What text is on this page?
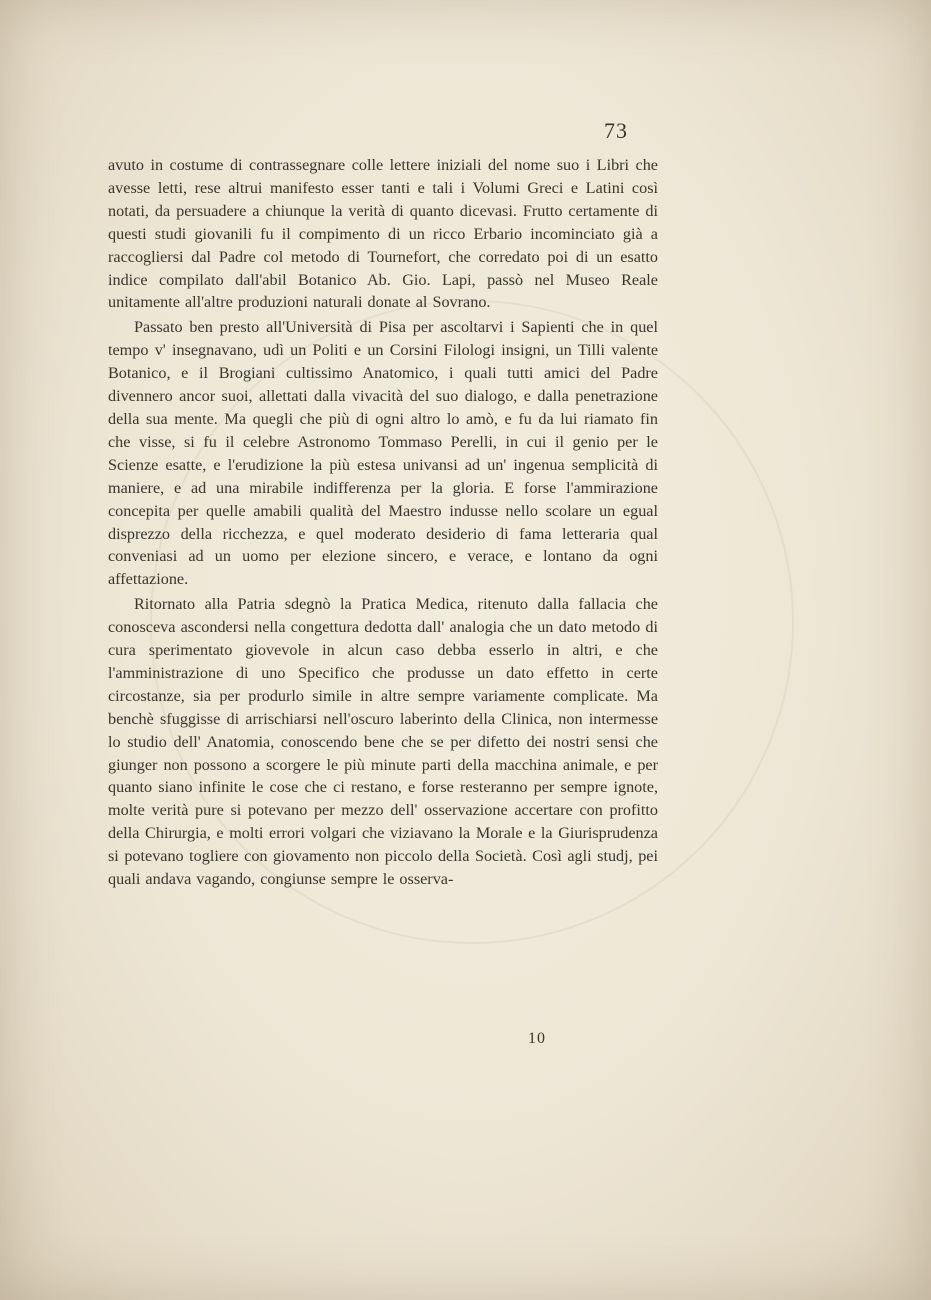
73

avuto in costume di contrassegnare colle lettere iniziali del nome suo i Libri che avesse letti, rese altrui manifesto esser tanti e tali i Volumi Greci e Latini così notati, da persuadere a chiunque la verità di quanto dicevasi. Frutto certamente di questi studi giovanili fu il compimento di un ricco Erbario incominciato già a raccogliersi dal Padre col metodo di Tournefort, che corredato poi di un esatto indice compilato dall'abil Botanico Ab. Gio. Lapi, passò nel Museo Reale unitamente all'altre produzioni naturali donate al Sovrano.

Passato ben presto all'Università di Pisa per ascoltarvi i Sapienti che in quel tempo v' insegnavano, udì un Politi e un Corsini Filologi insigni, un Tilli valente Botanico, e il Brogiani cultissimo Anatomico, i quali tutti amici del Padre divennero ancor suoi, allettati dalla vivacità del suo dialogo, e dalla penetrazione della sua mente. Ma quegli che più di ogni altro lo amò, e fu da lui riamato fin che visse, si fu il celebre Astronomo Tommaso Perelli, in cui il genio per le Scienze esatte, e l'erudizione la più estesa univansi ad un' ingenua semplicità di maniere, e ad una mirabile indifferenza per la gloria. E forse l'ammirazione concepita per quelle amabili qualità del Maestro indusse nello scolare un egual disprezzo della ricchezza, e quel moderato desiderio di fama letteraria qual conveniasi ad un uomo per elezione sincero, e verace, e lontano da ogni affettazione.

Ritornato alla Patria sdegnò la Pratica Medica, ritenuto dalla fallacia che conosceva ascondersi nella congettura dedotta dall' analogia che un dato metodo di cura sperimentato giovevole in alcun caso debba esserlo in altri, e che l'amministrazione di uno Specifico che produsse un dato effetto in certe circostanze, sia per produrlo simile in altre sempre variamente complicate. Ma benchè sfuggisse di arrischiarsi nell'oscuro laberinto della Clinica, non intermesse lo studio dell' Anatomia, conoscendo bene che se per difetto dei nostri sensi che giunger non possono a scorgere le più minute parti della macchina animale, e per quanto siano infinite le cose che ci restano, e forse resteranno per sempre ignote, molte verità pure si potevano per mezzo dell' osservazione accertare con profitto della Chirurgia, e molti errori volgari che viziavano la Morale e la Giurisprudenza si potevano togliere con giovamento non piccolo della Società. Così agli studj, pei quali andava vagando, congiunse sempre le osserva-

10
